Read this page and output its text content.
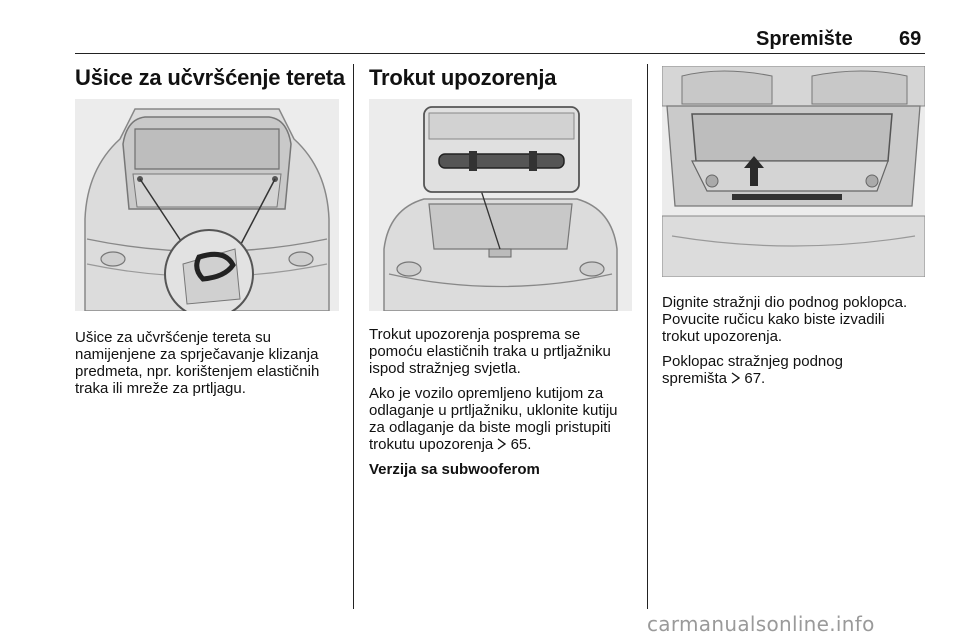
Spremište 69
Ušice za učvršćenje tereta
Ušice za učvršćenje tereta su
namijenjene za sprječavanje klizanja
predmeta, npr. korištenjem elastičnih
traka ili mreže za prtljagu.
Trokut upozorenja

Trokut upozorenja posprema se
pomoću elastičnih traka u prtljažniku
ispod stražnjeg svjetla.

Ako je vozilo opremljeno kutijom za
odlaganje u prtljažniku, uklonite kutiju
za odlaganje da biste mogli pristupiti
trokutu upozorenja 65.

Verzija sa subwooferom

Dignite stražnji dio podnog poklopca.
Povucite ručicu kako biste izvadili
trokut upozorenja.

Poklopac stražnjeg podnog
spremišta 67.

carmanualsonline.info
